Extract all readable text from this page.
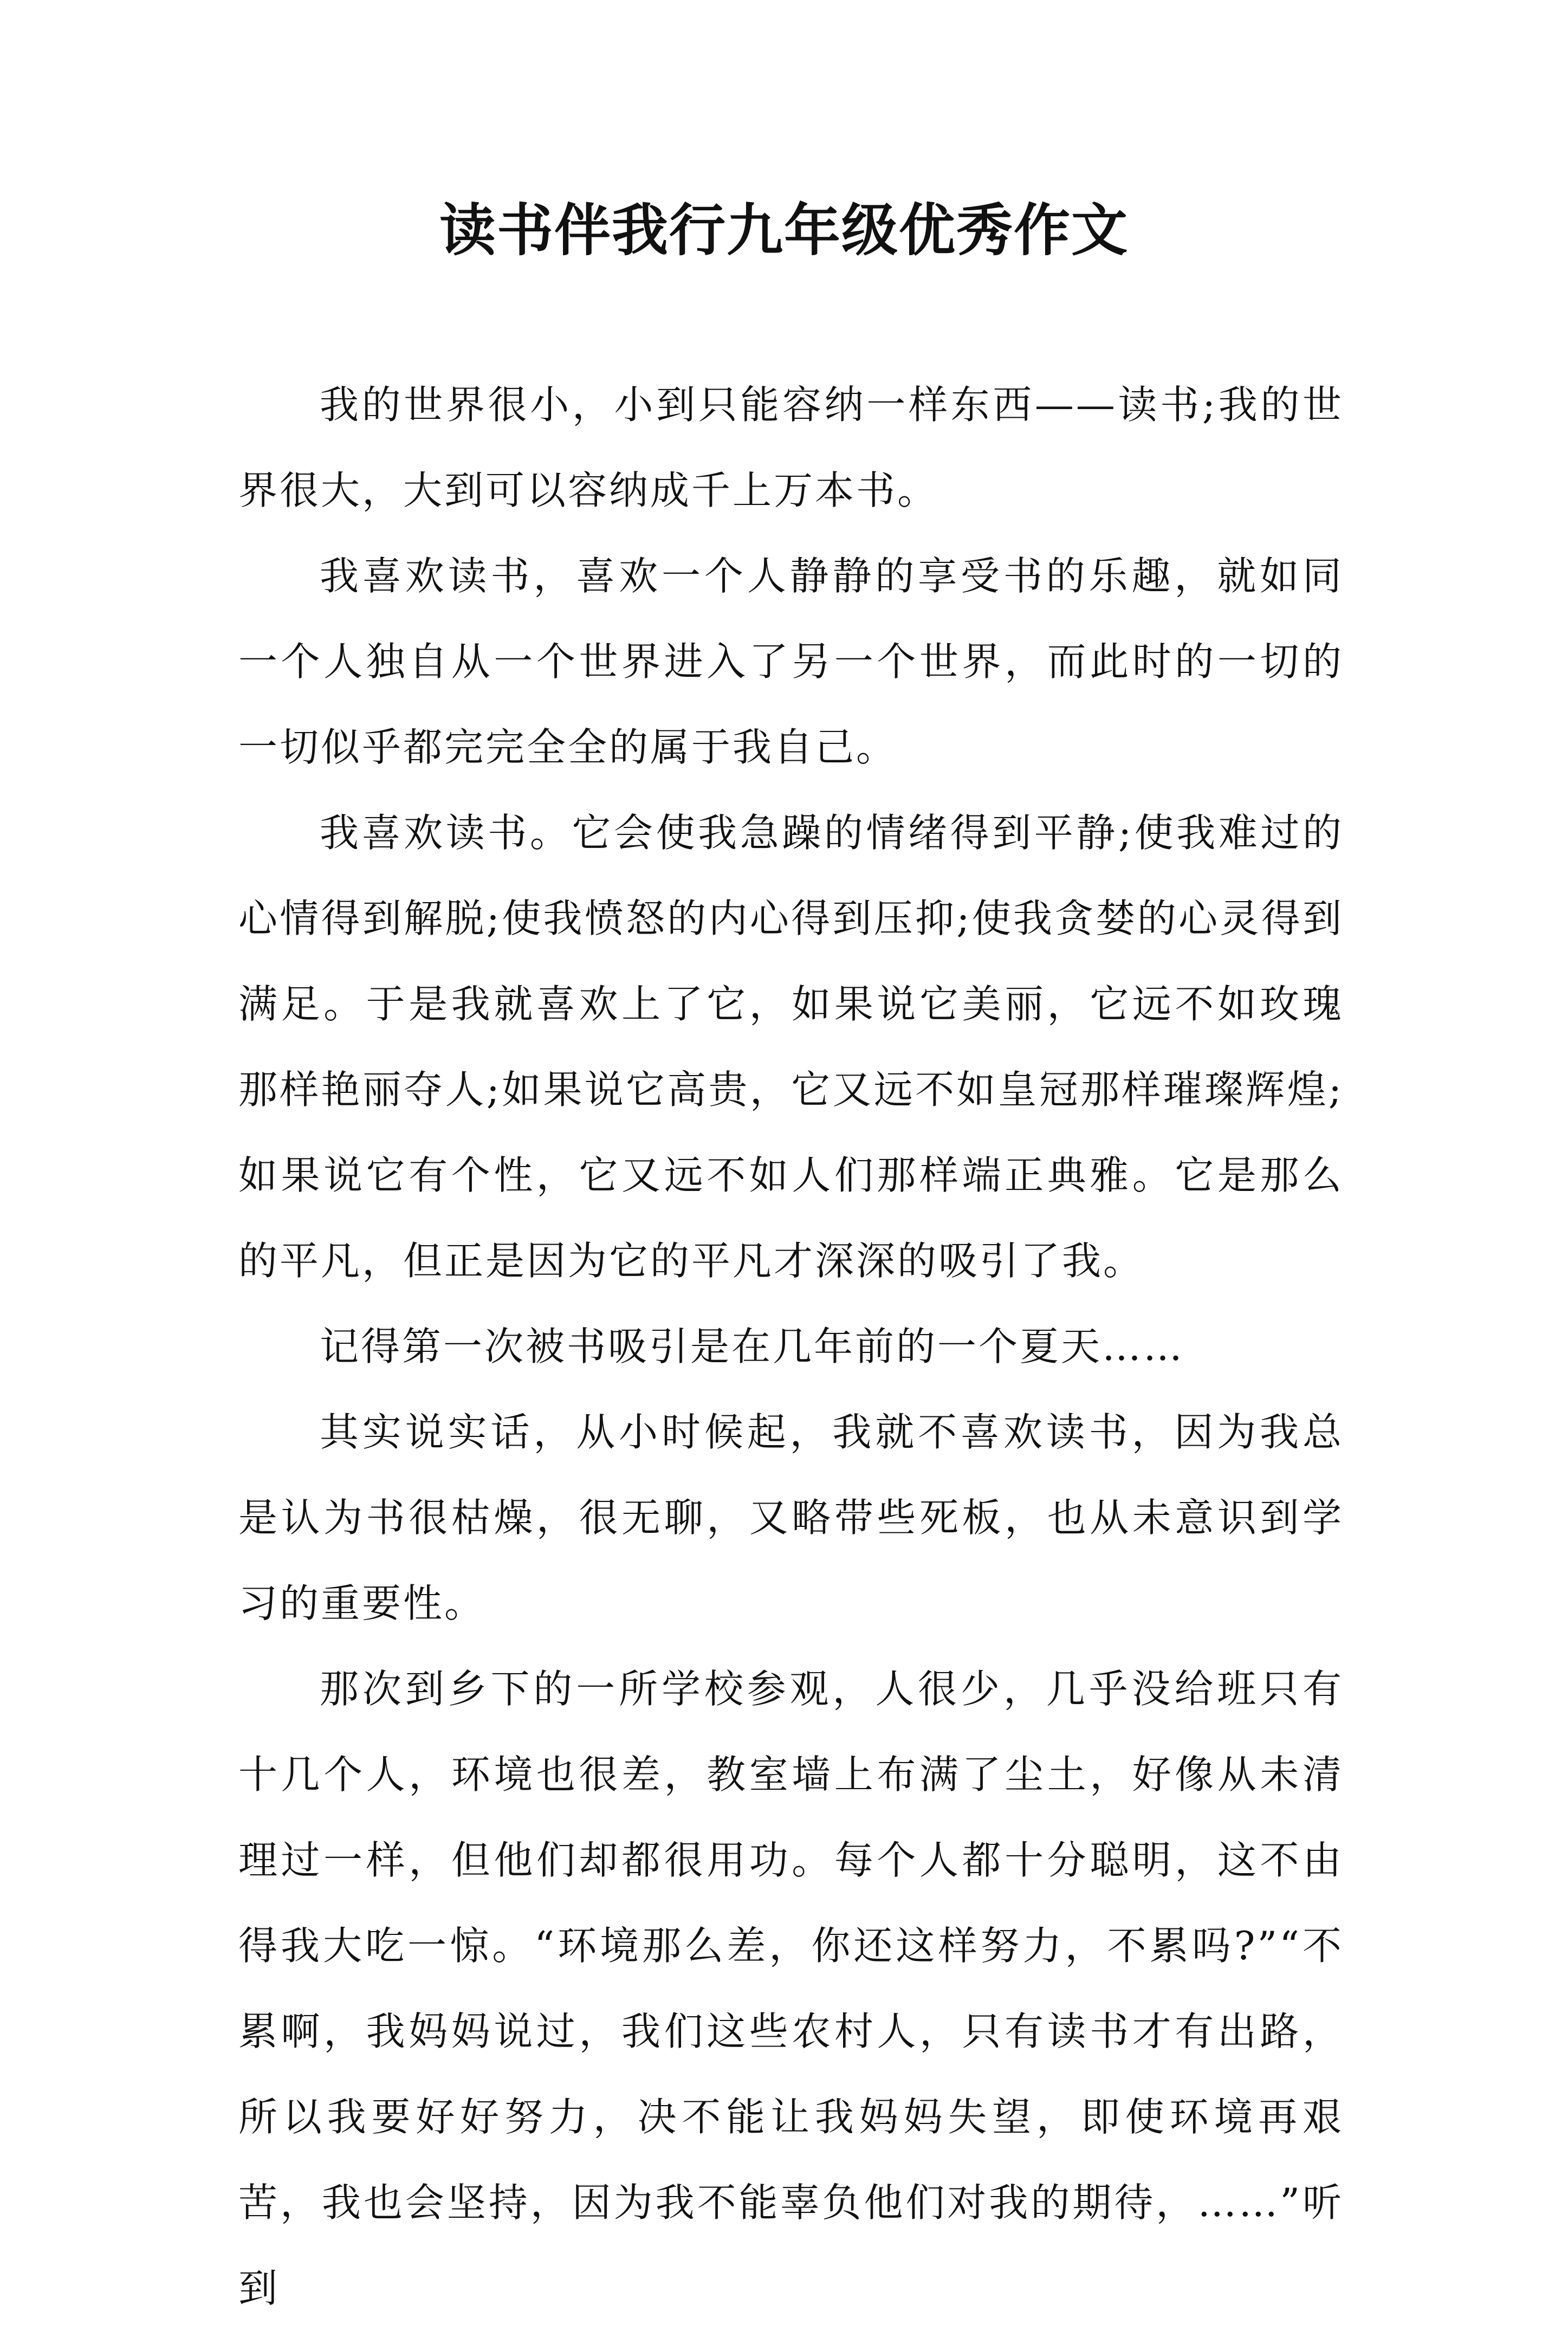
读书伴我行九年级优秀作文

我的世界很小，小到只能容纳一样东西——读书;我的世界很大，大到可以容纳成千上万本书。

我喜欢读书，喜欢一个人静静的享受书的乐趣，就如同一个人独自从一个世界进入了另一个世界，而此时的一切的一切似乎都完完全全的属于我自己。

我喜欢读书。它会使我急躁的情绪得到平静;使我难过的心情得到解脱;使我愤怒的内心得到压抑;使我贪婪的心灵得到满足。于是我就喜欢上了它，如果说它美丽，它远不如玫瑰那样艳丽夺人;如果说它高贵，它又远不如皇冠那样璀璨辉煌;如果说它有个性，它又远不如人们那样端正典雅。它是那么的平凡，但正是因为它的平凡才深深的吸引了我。

记得第一次被书吸引是在几年前的一个夏天……

其实说实话，从小时候起，我就不喜欢读书，因为我总是认为书很枯燥，很无聊，又略带些死板，也从未意识到学习的重要性。

那次到乡下的一所学校参观，人很少，几乎没给班只有十几个人，环境也很差，教室墙上布满了尘土，好像从未清理过一样，但他们却都很用功。每个人都十分聪明，这不由得我大吃一惊。“环境那么差，你还这样努力，不累吗?”“不累啊，我妈妈说过，我们这些农村人，只有读书才有出路，所以我要好好努力，决不能让我妈妈失望，即使环境再艰苦，我也会坚持，因为我不能辜负他们对我的期待，……”听到
